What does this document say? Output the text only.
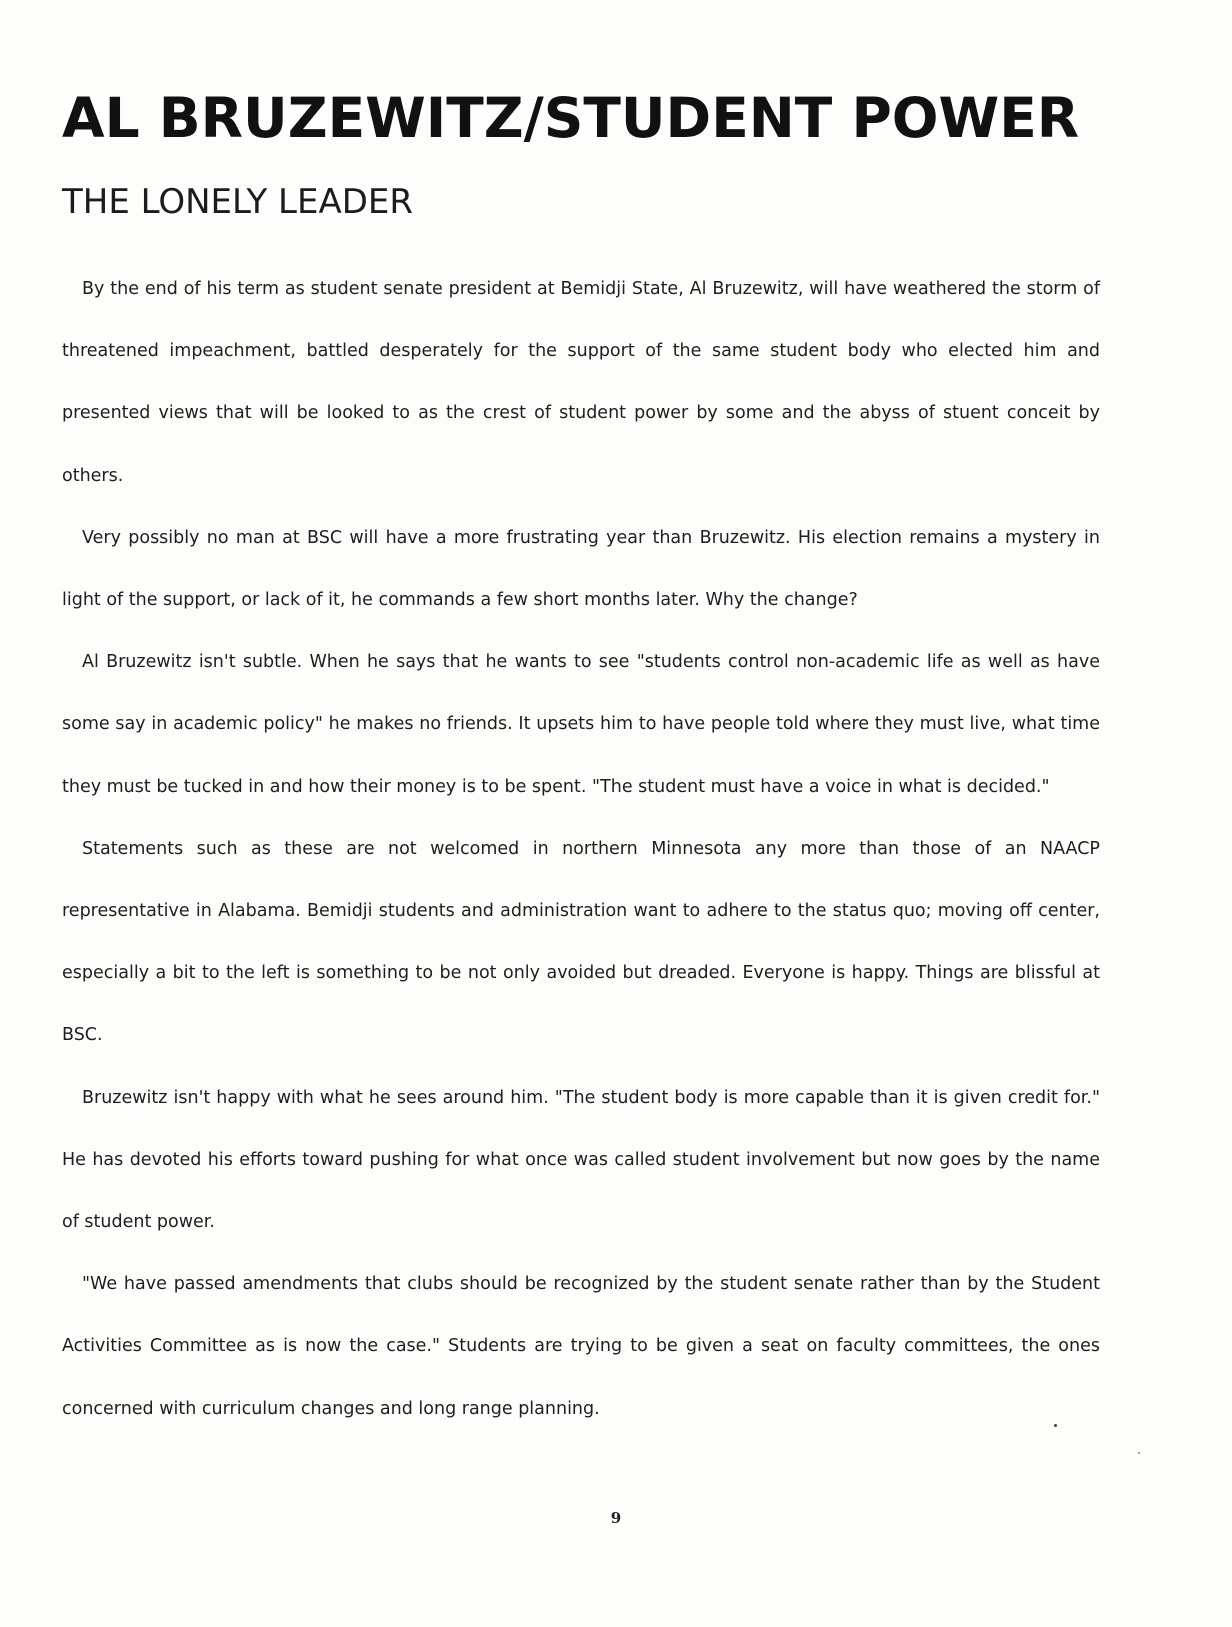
AL BRUZEWITZ/STUDENT POWER
THE LONELY LEADER

By the end of his term as student senate president at Bemidji State, Al Bruzewitz, will have weathered the storm of threatened impeachment, battled desperately for the support of the same student body who elected him and presented views that will be looked to as the crest of student power by some and the abyss of stuent conceit by others.

Very possibly no man at BSC will have a more frustrating year than Bruzewitz. His election remains a mystery in light of the support, or lack of it, he commands a few short months later. Why the change?

Al Bruzewitz isn't subtle. When he says that he wants to see "students control non-academic life as well as have some say in academic policy" he makes no friends. It upsets him to have people told where they must live, what time they must be tucked in and how their money is to be spent. "The student must have a voice in what is decided."

Statements such as these are not welcomed in northern Minnesota any more than those of an NAACP representative in Alabama. Bemidji students and administration want to adhere to the status quo; moving off center, especially a bit to the left is something to be not only avoided but dreaded. Everyone is happy. Things are blissful at BSC.

Bruzewitz isn't happy with what he sees around him. "The student body is more capable than it is given credit for." He has devoted his efforts toward pushing for what once was called student involvement but now goes by the name of student power.

"We have passed amendments that clubs should be recognized by the student senate rather than by the Student Activities Committee as is now the case." Students are trying to be given a seat on faculty committees, the ones concerned with curriculum changes and long range planning.

9
